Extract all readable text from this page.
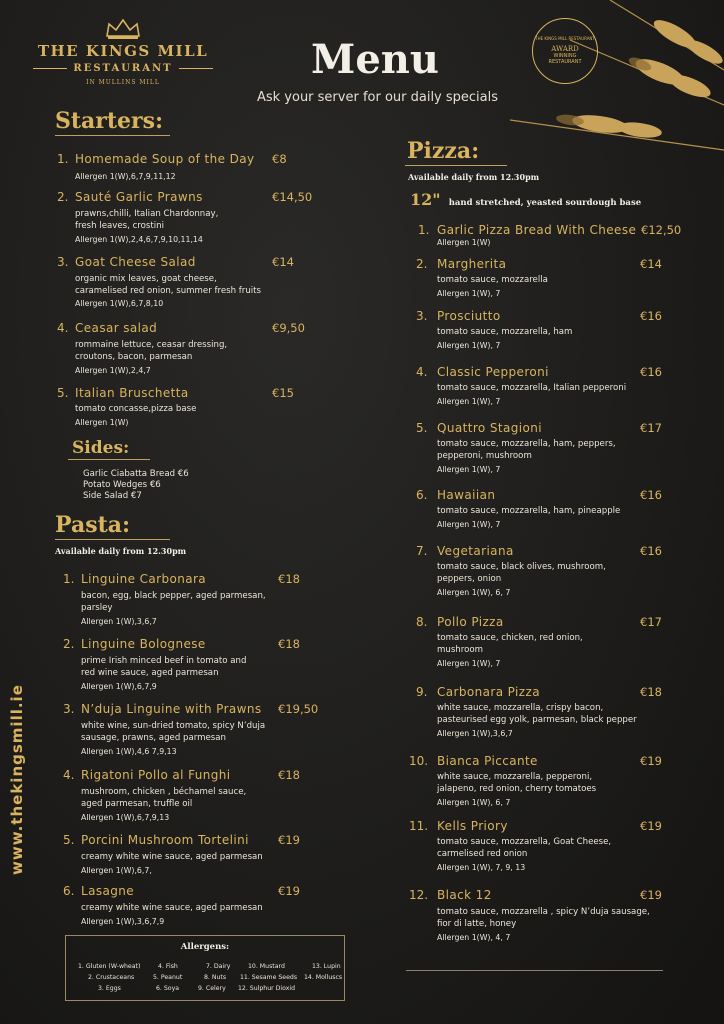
THE KINGS MILL
RESTAURANT
IN MULLINS MILL	Menu
Ask your server for our daily specials
THE KINGS MILL RESTAURANT
AWARD
WINNING
RESTAURANT
Starters:
1. Homemade Soup of the Day €8
Allergen 1(W),6,7,9,11,12
2. Sauté Garlic Prawns	€14,50
prawns,chilli, Italian Chardonnay,
fresh leaves, crostini
Allergen 1(W),2,4,6,7,9,10,11,14
3. Goat Cheese Salad	€14
organic mix leaves, goat cheese,
caramelised red onion, summer fresh fruits
Allergen 1(W),6,7,8,10
4. Ceasar salad	€9,50
rommaine lettuce, ceasar dressing,
croutons, bacon, parmesan
Allergen 1(W),2,4,7
5. Italian Bruschetta	€15
tomato concasse,pizza base
Allergen 1(W)
Sides:
Garlic Ciabatta Bread €6
Potato Wedges €6
Side Salad €7
Pasta:
Available daily from 12.30pm
1. Linguine Carbonara	€18
bacon, egg, black pepper, aged parmesan,
parsley
Allergen 1(W),3,6,7
2. Linguine Bolognese	€18
prime Irish minced beef in tomato and
red wine sauce, aged parmesan
Allergen 1(W),6,7,9
3. N’duja Linguine with Prawns €19,50
white wine, sun-dried tomato, spicy N’duja
sausage, prawns, aged parmesan
Allergen 1(W),4,6 7,9,13
4. Rigatoni Pollo al Funghi	€18
mushroom, chicken , béchamel sauce,
aged parmesan, truffle oil
Allergen 1(W),6,7,9,13
5. Porcini Mushroom Tortelini	€19
creamy white wine sauce, aged parmesan
Allergen 1(W),6,7,
6. Lasagne	€19
creamy white wine sauce, aged parmesan
Allergen 1(W),3,6,7,9
Allergens:
1. Gluten (W-wheat)	4. Fish	7. Dairy	10. Mustard	13. Lupin
2. Crustaceans	5. Peanut	8. Nuts 11. Sesame Seeds 14. Molluscs
3. Eggs	6. Soya	9. Celery 12. Sulphur Dioxid
www.thekingsmill.ie
Pizza:
Available daily from 12.30pm
12" hand stretched, yeasted sourdough base
1. Garlic Pizza Bread With Cheese €12,50
Allergen 1(W)
2. Margherita	€14
tomato sauce, mozzarella
Allergen 1(W), 7
3. Prosciutto	€16
tomato sauce, mozzarella, ham
Allergen 1(W), 7
4. Classic Pepperoni	€16
tomato sauce, mozzarella, Italian pepperoni
Allergen 1(W), 7
5. Quattro Stagioni	€17
tomato sauce, mozzarella, ham, peppers,
pepperoni, mushroom
Allergen 1(W), 7
6. Hawaiian	€16
tomato sauce, mozzarella, ham, pineapple
Allergen 1(W), 7
7. Vegetariana	€16
tomato sauce, black olives, mushroom,
peppers, onion
Allergen 1(W), 6, 7
8. Pollo Pizza	€17
tomato sauce, chicken, red onion,
mushroom
Allergen 1(W), 7
9. Carbonara Pizza	€18
white sauce, mozzarella, crispy bacon,
pasteurised egg yolk, parmesan, black pepper
Allergen 1(W),3,6,7
10. Bianca Piccante	€19
white sauce, mozzarella, pepperoni,
jalapeno, red onion, cherry tomatoes
Allergen 1(W), 6, 7
11. Kells Priory	€19
tomato sauce, mozzarella, Goat Cheese,
carmelised red onion
Allergen 1(W), 7, 9, 13
12. Black 12	€19
tomato sauce, mozzarella , spicy N’duja sausage,
fior di latte, honey
Allergen 1(W), 4, 7
